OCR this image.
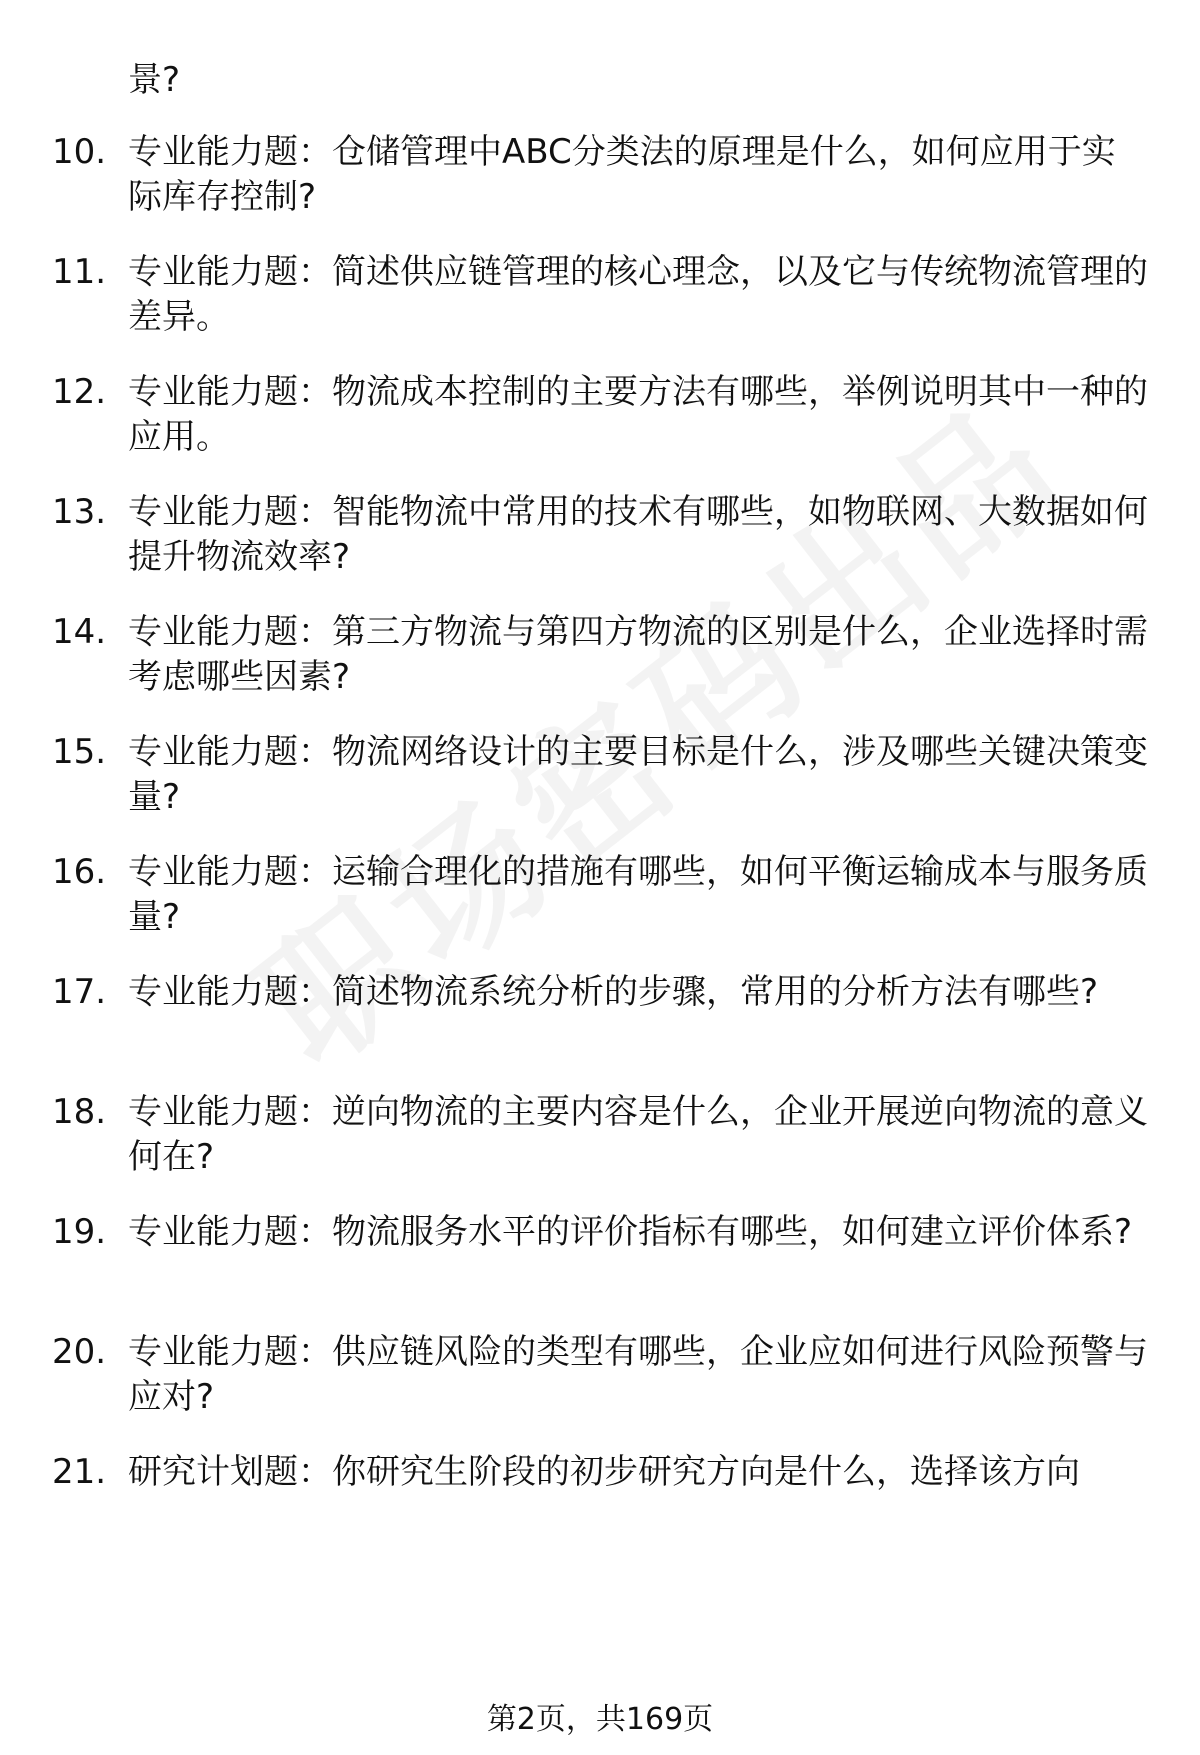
景?
10. 专业能力题：仓储管理中ABC分类法的原理是什么，如何应用于实际库存控制?
11. 专业能力题：简述供应链管理的核心理念，以及它与传统物流管理的差异。
12. 专业能力题：物流成本控制的主要方法有哪些，举例说明其中一种的应用。
13. 专业能力题：智能物流中常用的技术有哪些，如物联网、大数据如何提升物流效率?
14. 专业能力题：第三方物流与第四方物流的区别是什么，企业选择时需考虑哪些因素?
15. 专业能力题：物流网络设计的主要目标是什么，涉及哪些关键决策变量?
16. 专业能力题：运输合理化的措施有哪些，如何平衡运输成本与服务质量?
17. 专业能力题：简述物流系统分析的步骤，常用的分析方法有哪些?
18. 专业能力题：逆向物流的主要内容是什么，企业开展逆向物流的意义何在?
19. 专业能力题：物流服务水平的评价指标有哪些，如何建立评价体系?
20. 专业能力题：供应链风险的类型有哪些，企业应如何进行风险预警与应对?
21. 研究计划题：你研究生阶段的初步研究方向是什么，选择该方向
第2页，共169页
